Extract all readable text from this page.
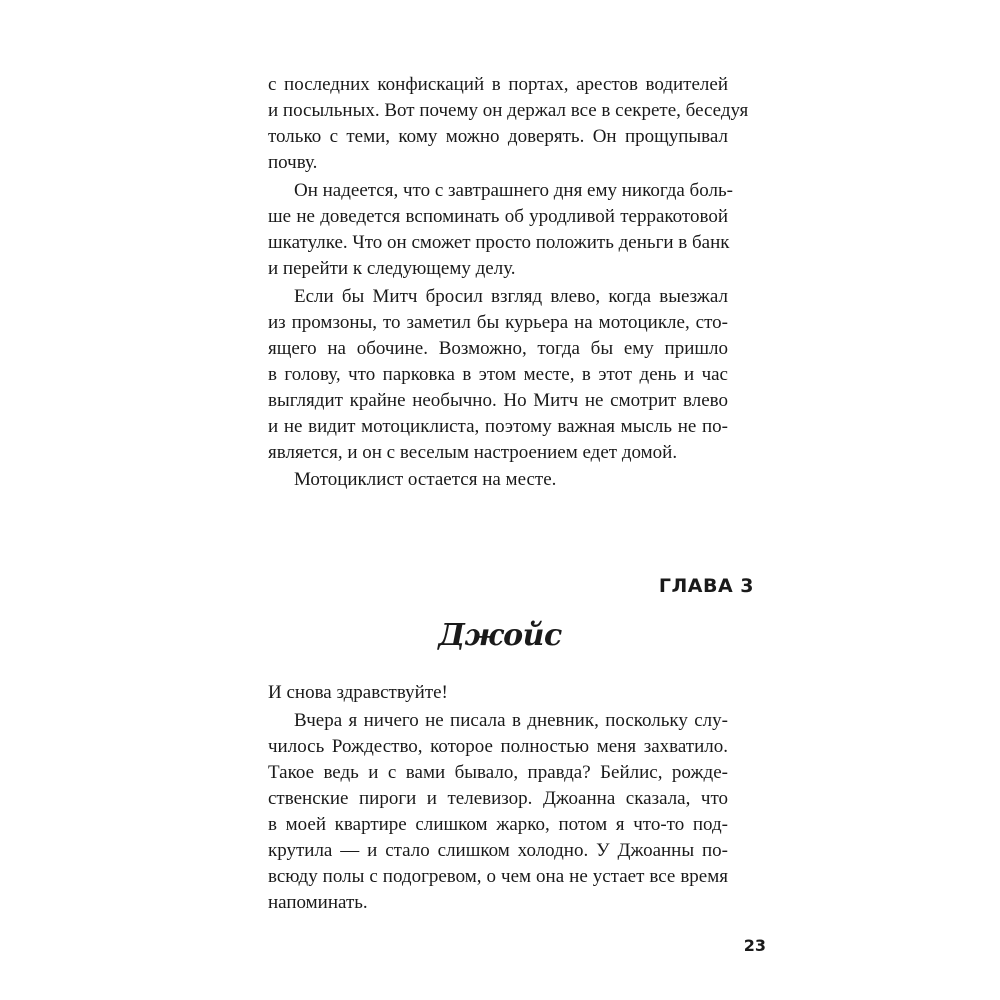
с последних конфискаций в портах, арестов водителей
и посыльных. Вот почему он держал все в секрете, беседуя
только с теми, кому можно доверять. Он прощупывал
почву.
Он надеется, что с завтрашнего дня ему никогда боль-
ше не доведется вспоминать об уродливой терракотовой
шкатулке. Что он сможет просто положить деньги в банк
и перейти к следующему делу.
Если бы Митч бросил взгляд влево, когда выезжал
из промзоны, то заметил бы курьера на мотоцикле, сто-
ящего на обочине. Возможно, тогда бы ему пришло
в голову, что парковка в этом месте, в этот день и час
выглядит крайне необычно. Но Митч не смотрит влево
и не видит мотоциклиста, поэтому важная мысль не по-
является, и он с веселым настроением едет домой.
Мотоциклист остается на месте.
ГЛАВА 3
Джойс
И снова здравствуйте!
Вчера я ничего не писала в дневник, поскольку слу-
чилось Рождество, которое полностью меня захватило.
Такое ведь и с вами бывало, правда? Бейлис, рожде-
ственские пироги и телевизор. Джоанна сказала, что
в моей квартире слишком жарко, потом я что-то под-
крутила — и стало слишком холодно. У Джоанны по-
всюду полы с подогревом, о чем она не устает все время
напоминать.
23
